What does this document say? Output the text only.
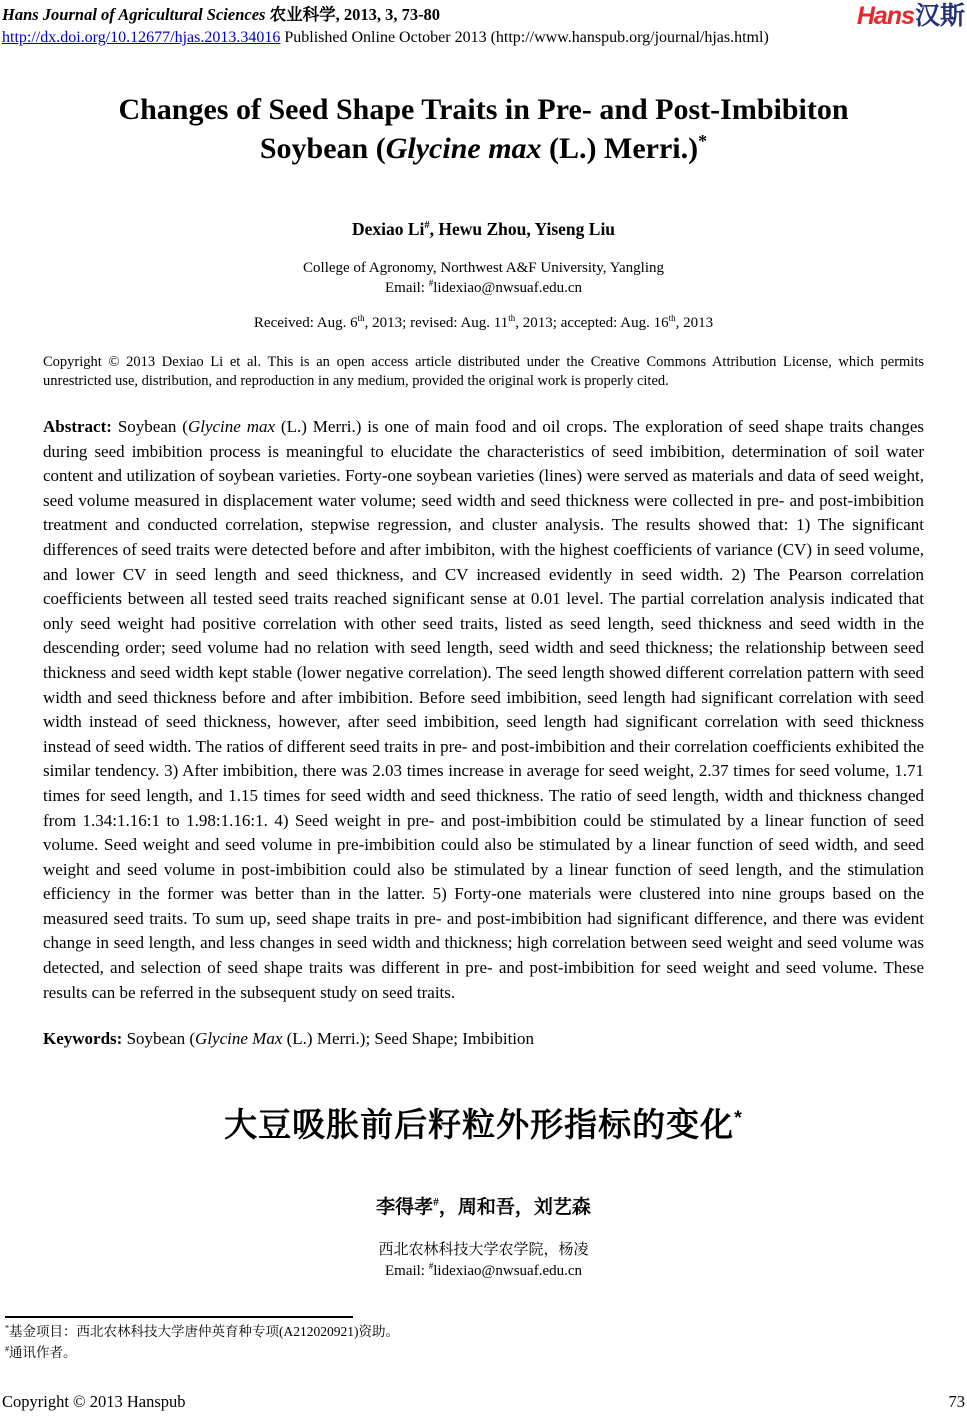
Hans Journal of Agricultural Sciences 农业科学, 2013, 3, 73-80
http://dx.doi.org/10.12677/hjas.2013.34016 Published Online October 2013 (http://www.hanspub.org/journal/hjas.html)
Hans汉斯
Changes of Seed Shape Traits in Pre- and Post-Imbibiton
Soybean (Glycine max (L.) Merri.)*
Dexiao Li#, Hewu Zhou, Yiseng Liu
College of Agronomy, Northwest A&F University, Yangling
Email: #lidexiao@nwsuaf.edu.cn
Received: Aug. 6th, 2013; revised: Aug. 11th, 2013; accepted: Aug. 16th, 2013

Copyright © 2013 Dexiao Li et al. This is an open access article distributed under the Creative Commons Attribution License, which permits unrestricted use, distribution, and reproduction in any medium, provided the original work is properly cited.

Abstract: Soybean (Glycine max (L.) Merri.) is one of main food and oil crops. The exploration of seed shape traits changes during seed imbibition process is meaningful to elucidate the characteristics of seed imbibition, determination of soil water content and utilization of soybean varieties. Forty-one soybean varieties (lines) were served as materials and data of seed weight, seed volume measured in displacement water volume; seed width and seed thickness were collected in pre- and post-imbibition treatment and conducted correlation, stepwise regression, and cluster analysis. The results showed that: 1) The significant differences of seed traits were detected before and after imbibiton, with the highest coefficients of variance (CV) in seed volume, and lower CV in seed length and seed thickness, and CV increased evidently in seed width. 2) The Pearson correlation coefficients between all tested seed traits reached significant sense at 0.01 level. The partial correlation analysis indicated that only seed weight had positive correlation with other seed traits, listed as seed length, seed thickness and seed width in the descending order; seed volume had no relation with seed length, seed width and seed thickness; the relationship between seed thickness and seed width kept stable (lower negative correlation). The seed length showed different correlation pattern with seed width and seed thickness before and after imbibition. Before seed imbibition, seed length had significant correlation with seed width instead of seed thickness, however, after seed imbibition, seed length had significant correlation with seed thickness instead of seed width. The ratios of different seed traits in pre- and post-imbibition and their correlation coefficients exhibited the similar tendency. 3) After imbibition, there was 2.03 times increase in average for seed weight, 2.37 times for seed volume, 1.71 times for seed length, and 1.15 times for seed width and seed thickness. The ratio of seed length, width and thickness changed from 1.34:1.16:1 to 1.98:1.16:1. 4) Seed weight in pre- and post-imbibition could be stimulated by a linear function of seed volume. Seed weight and seed volume in pre-imbibition could also be stimulated by a linear function of seed width, and seed weight and seed volume in post-imbibition could also be stimulated by a linear function of seed length, and the stimulation efficiency in the former was better than in the latter. 5) Forty-one materials were clustered into nine groups based on the measured seed traits. To sum up, seed shape traits in pre- and post-imbibition had significant difference, and there was evident change in seed length, and less changes in seed width and thickness; high correlation between seed weight and seed volume was detected, and selection of seed shape traits was different in pre- and post-imbibition for seed weight and seed volume. These results can be referred in the subsequent study on seed traits.

Keywords: Soybean (Glycine Max (L.) Merri.); Seed Shape; Imbibition

大豆吸胀前后籽粒外形指标的变化*
李得孝#，周和吾，刘艺森
西北农林科技大学农学院，杨凌
Email: #lidexiao@nwsuaf.edu.cn
*基金项目：西北农林科技大学唐仲英育种专项(A212020921)资助。
#通讯作者。
Copyright © 2013 Hanspub	73
